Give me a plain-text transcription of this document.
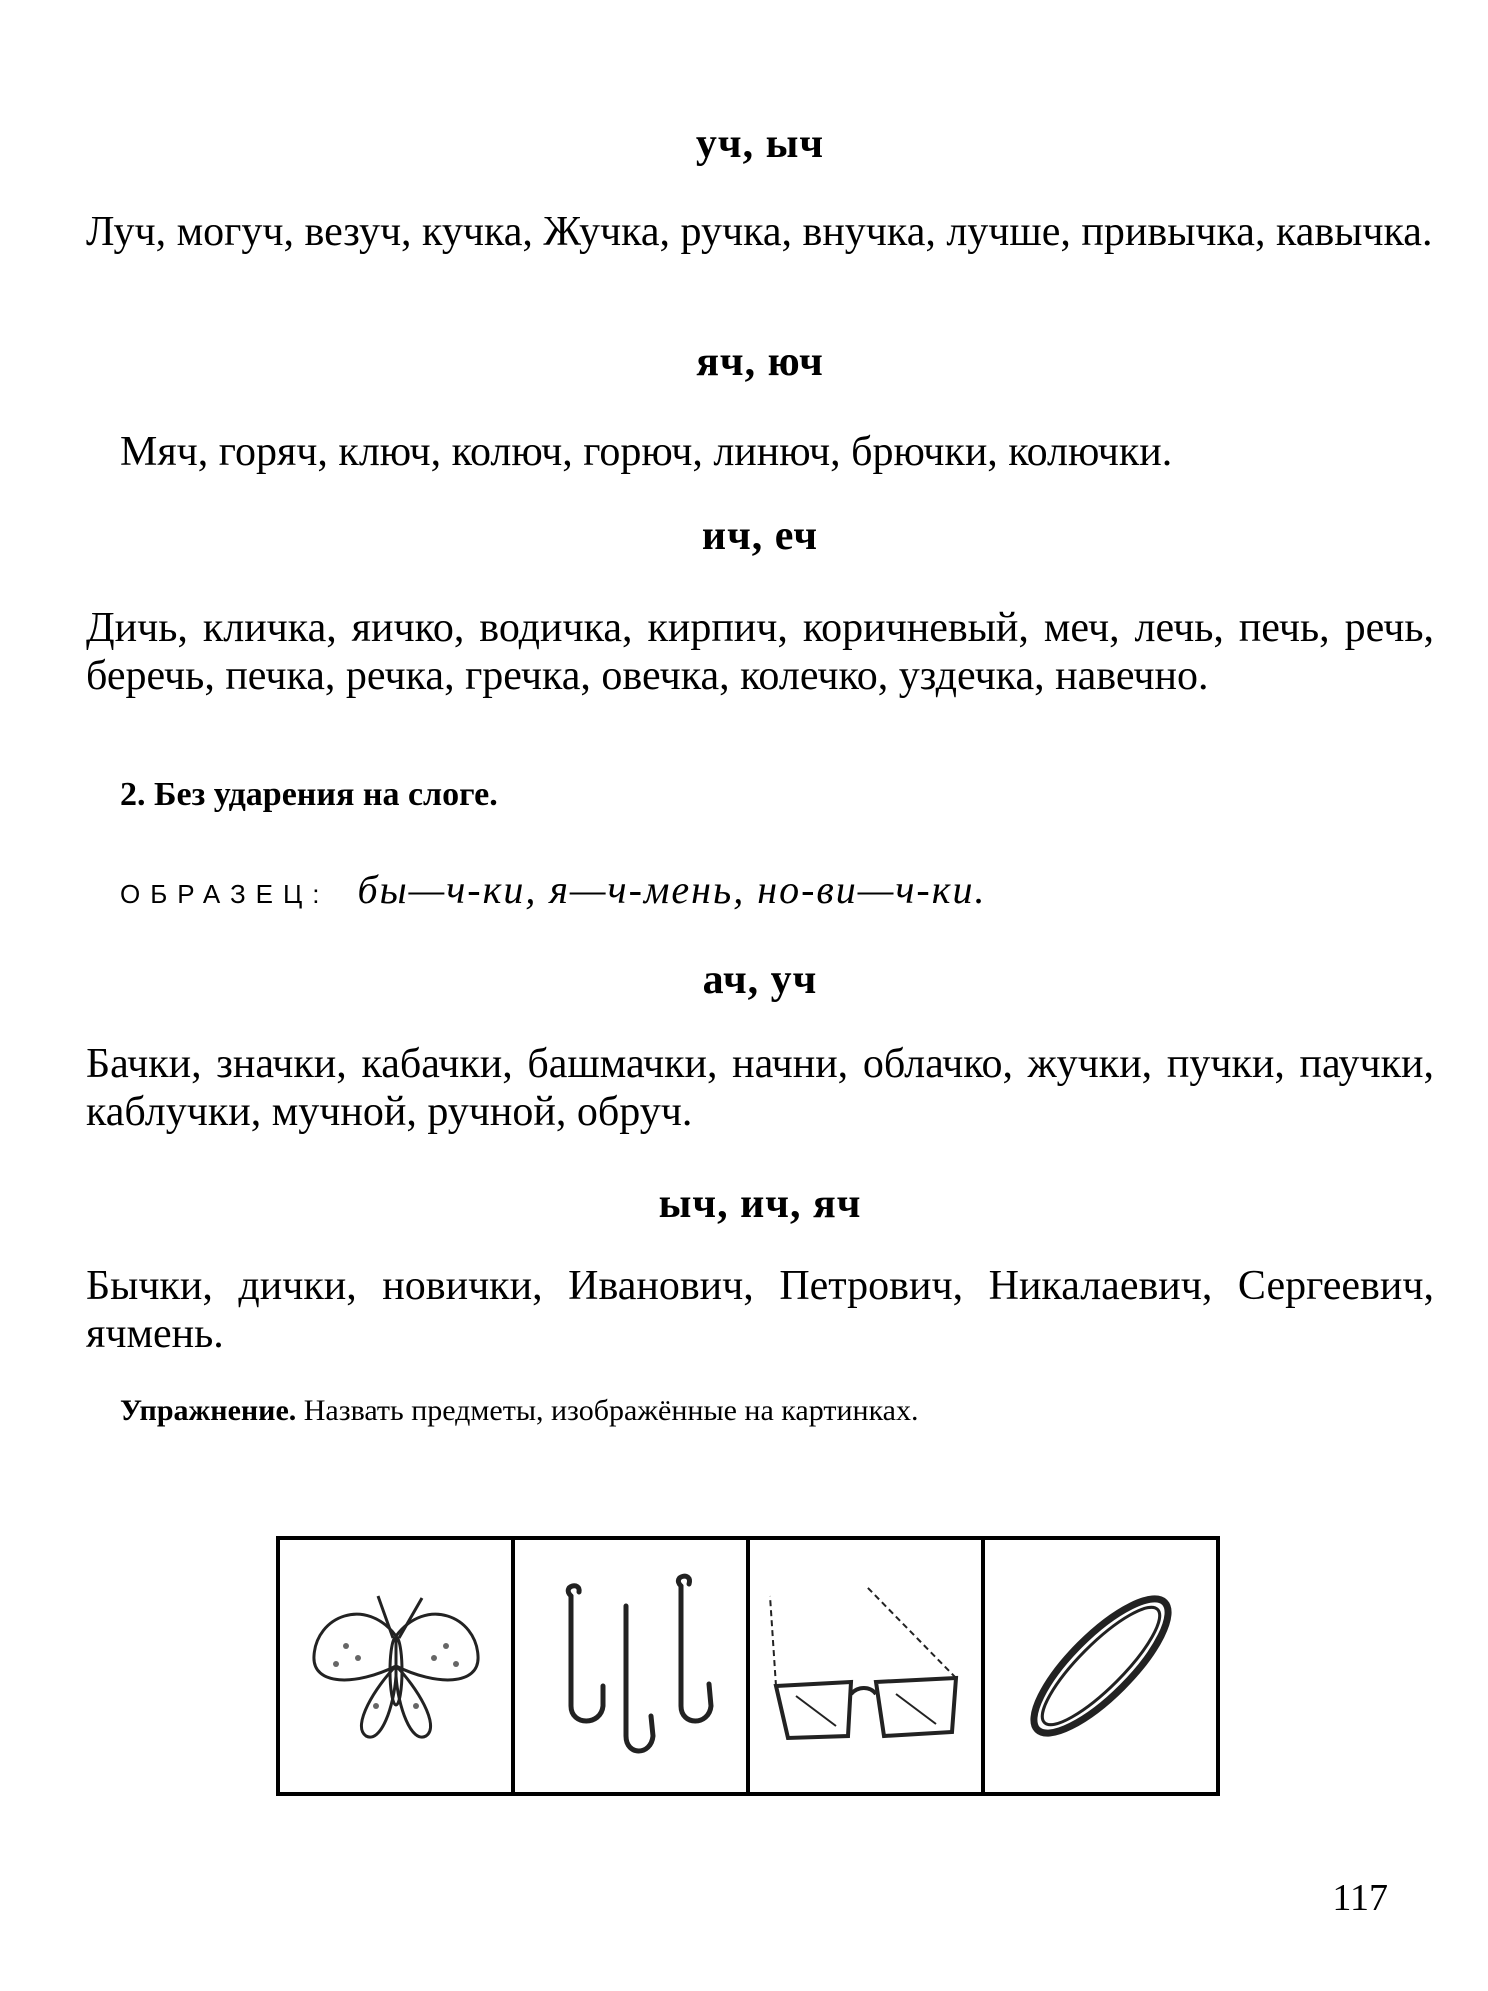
уч, ыч
Луч, могуч, везуч, кучка, Жучка, ручка, внучка, лучше, привычка, кавычка.
яч, юч
Мяч, горяч, ключ, колюч, горюч, линюч, брючки, колючки.
ич, еч
Дичь, кличка, яичко, водичка, кирпич, коричневый, меч, лечь, печь, речь, беречь, печка, речка, гречка, овечка, колечко, уздечка, навечно.
2. Без ударения на слоге.
ОБРАЗЕЦ: бы—ч-ки, я—ч-мень, но-ви—ч-ки.
ач, уч
Бачки, значки, кабачки, башмачки, начни, облачко, жучки, пучки, паучки, каблучки, мучной, ручной, обруч.
ыч, ич, яч
Бычки, дички, новички, Иванович, Петрович, Никалаевич, Сергеевич, ячмень.
Упражнение. Назвать предметы, изображённые на картинках.
117
